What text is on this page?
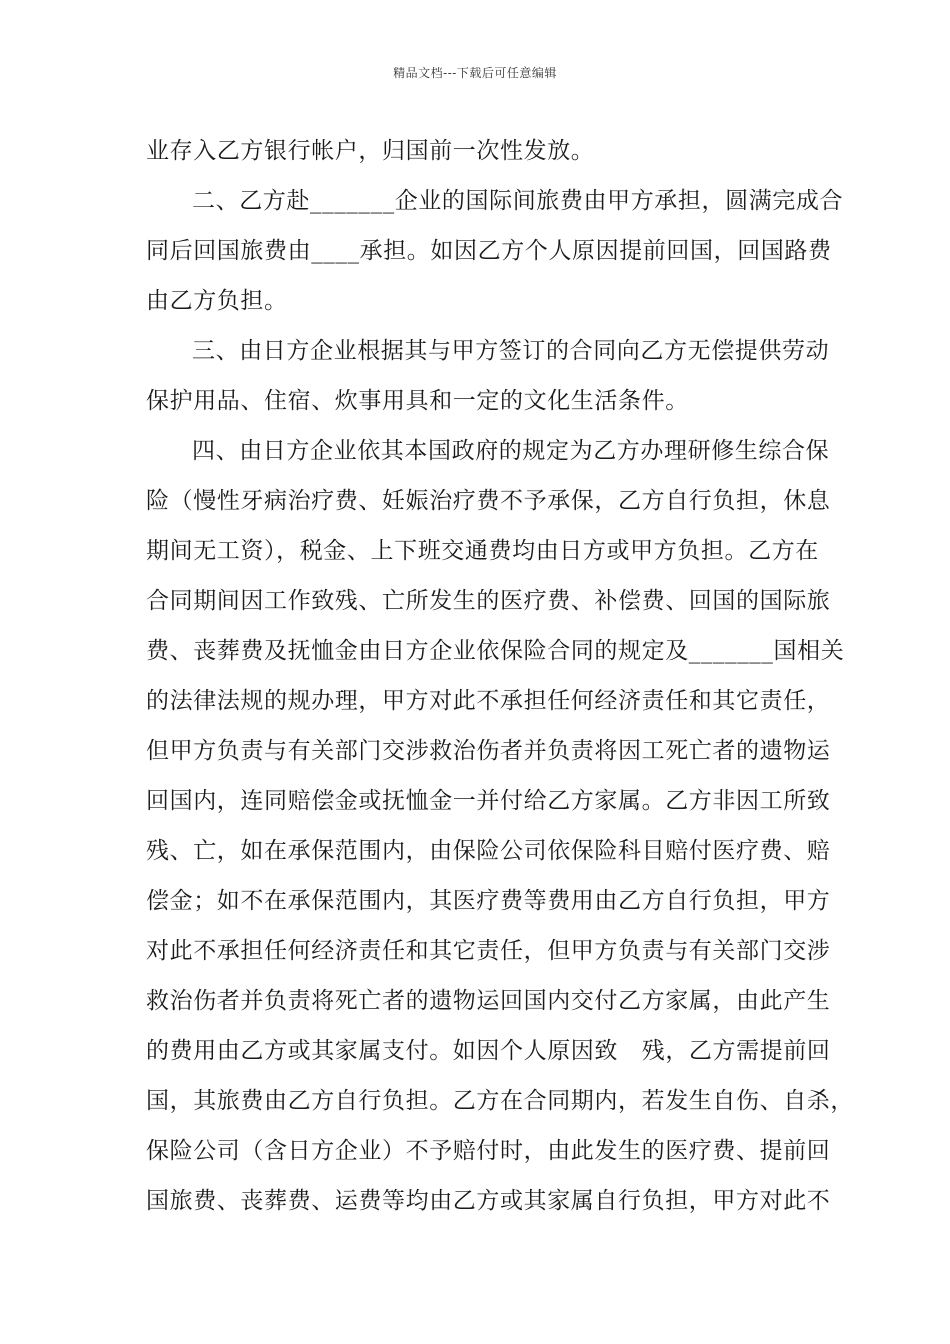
精品文档---下载后可任意编辑
业存入乙方银行帐户，归国前一次性发放。
二、乙方赴_______企业的国际间旅费由甲方承担，圆满完成合
同后回国旅费由____承担。如因乙方个人原因提前回国，回国路费
由乙方负担。
三、由日方企业根据其与甲方签订的合同向乙方无偿提供劳动
保护用品、住宿、炊事用具和一定的文化生活条件。
四、由日方企业依其本国政府的规定为乙方办理研修生综合保
险（慢性牙病治疗费、妊娠治疗费不予承保，乙方自行负担，休息
期间无工资），税金、上下班交通费均由日方或甲方负担。乙方在
合同期间因工作致残、亡所发生的医疗费、补偿费、回国的国际旅
费、丧葬费及抚恤金由日方企业依保险合同的规定及_______国相关
的法律法规的规办理，甲方对此不承担任何经济责任和其它责任，
但甲方负责与有关部门交涉救治伤者并负责将因工死亡者的遗物运
回国内，连同赔偿金或抚恤金一并付给乙方家属。乙方非因工所致
残、亡，如在承保范围内，由保险公司依保险科目赔付医疗费、赔
偿金；如不在承保范围内，其医疗费等费用由乙方自行负担，甲方
对此不承担任何经济责任和其它责任，但甲方负责与有关部门交涉
救治伤者并负责将死亡者的遗物运回国内交付乙方家属，由此产生
的费用由乙方或其家属支付。如因个人原因致   残，乙方需提前回
国，其旅费由乙方自行负担。乙方在合同期内，若发生自伤、自杀，
保险公司（含日方企业）不予赔付时，由此发生的医疗费、提前回
国旅费、丧葬费、运费等均由乙方或其家属自行负担，甲方对此不
